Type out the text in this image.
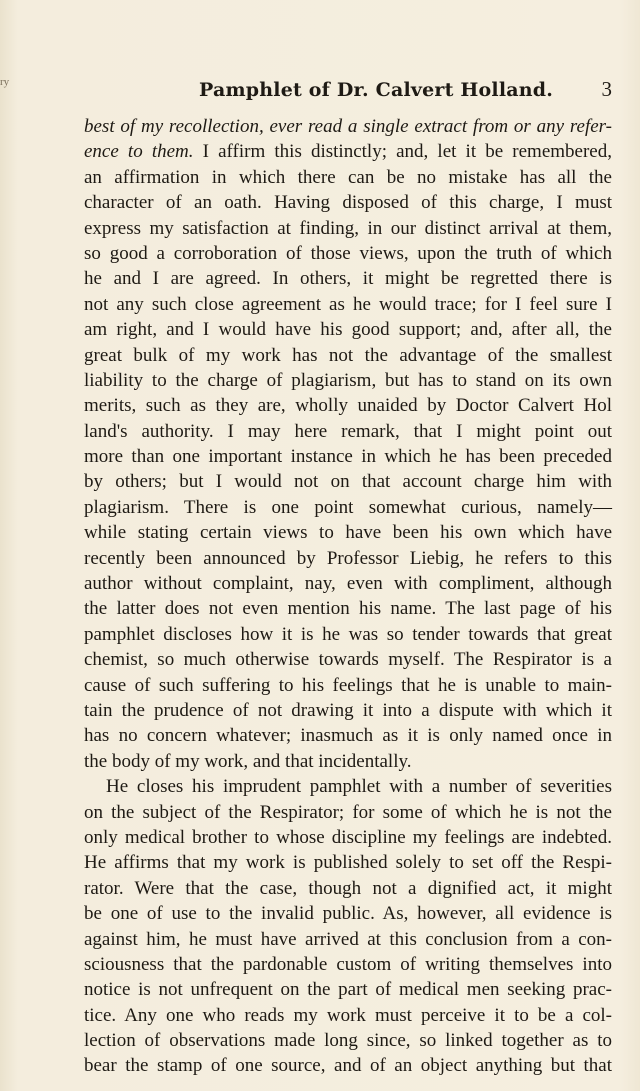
ry	Pamphlet of Dr. Calvert Holland. 3
best of my recollection, ever read a single extract from or any refer-
ence to them. I affirm this distinctly; and, let it be remembered,
an affirmation in which there can be no mistake has all the
character of an oath. Having disposed of this charge, I must
express my satisfaction at finding, in our distinct arrival at them,
so good a corroboration of those views, upon the truth of which
he and I are agreed. In others, it might be regretted there is
not any such close agreement as he would trace; for I feel sure I
am right, and I would have his good support; and, after all, the
great bulk of my work has not the advantage of the smallest
liability to the charge of plagiarism, but has to stand on its own
merits, such as they are, wholly unaided by Doctor Calvert Hol
land's authority. I may here remark, that I might point out
more than one important instance in which he has been preceded
by others; but I would not on that account charge him with
plagiarism. There is one point somewhat curious, namely—
while stating certain views to have been his own which have
recently been announced by Professor Liebig, he refers to this
author without complaint, nay, even with compliment, although
the latter does not even mention his name. The last page of his
pamphlet discloses how it is he was so tender towards that great
chemist, so much otherwise towards myself. The Respirator is a
cause of such suffering to his feelings that he is unable to main-
tain the prudence of not drawing it into a dispute with which it
has no concern whatever; inasmuch as it is only named once in
the body of my work, and that incidentally.
He closes his imprudent pamphlet with a number of severities
on the subject of the Respirator; for some of which he is not the
only medical brother to whose discipline my feelings are indebted.
He affirms that my work is published solely to set off the Respi-
rator. Were that the case, though not a dignified act, it might
be one of use to the invalid public. As, however, all evidence is
against him, he must have arrived at this conclusion from a con-
sciousness that the pardonable custom of writing themselves into
notice is not unfrequent on the part of medical men seeking prac-
tice. Any one who reads my work must perceive it to be a col-
lection of observations made long since, so linked together as to
bear the stamp of one source, and of an object anything but that
